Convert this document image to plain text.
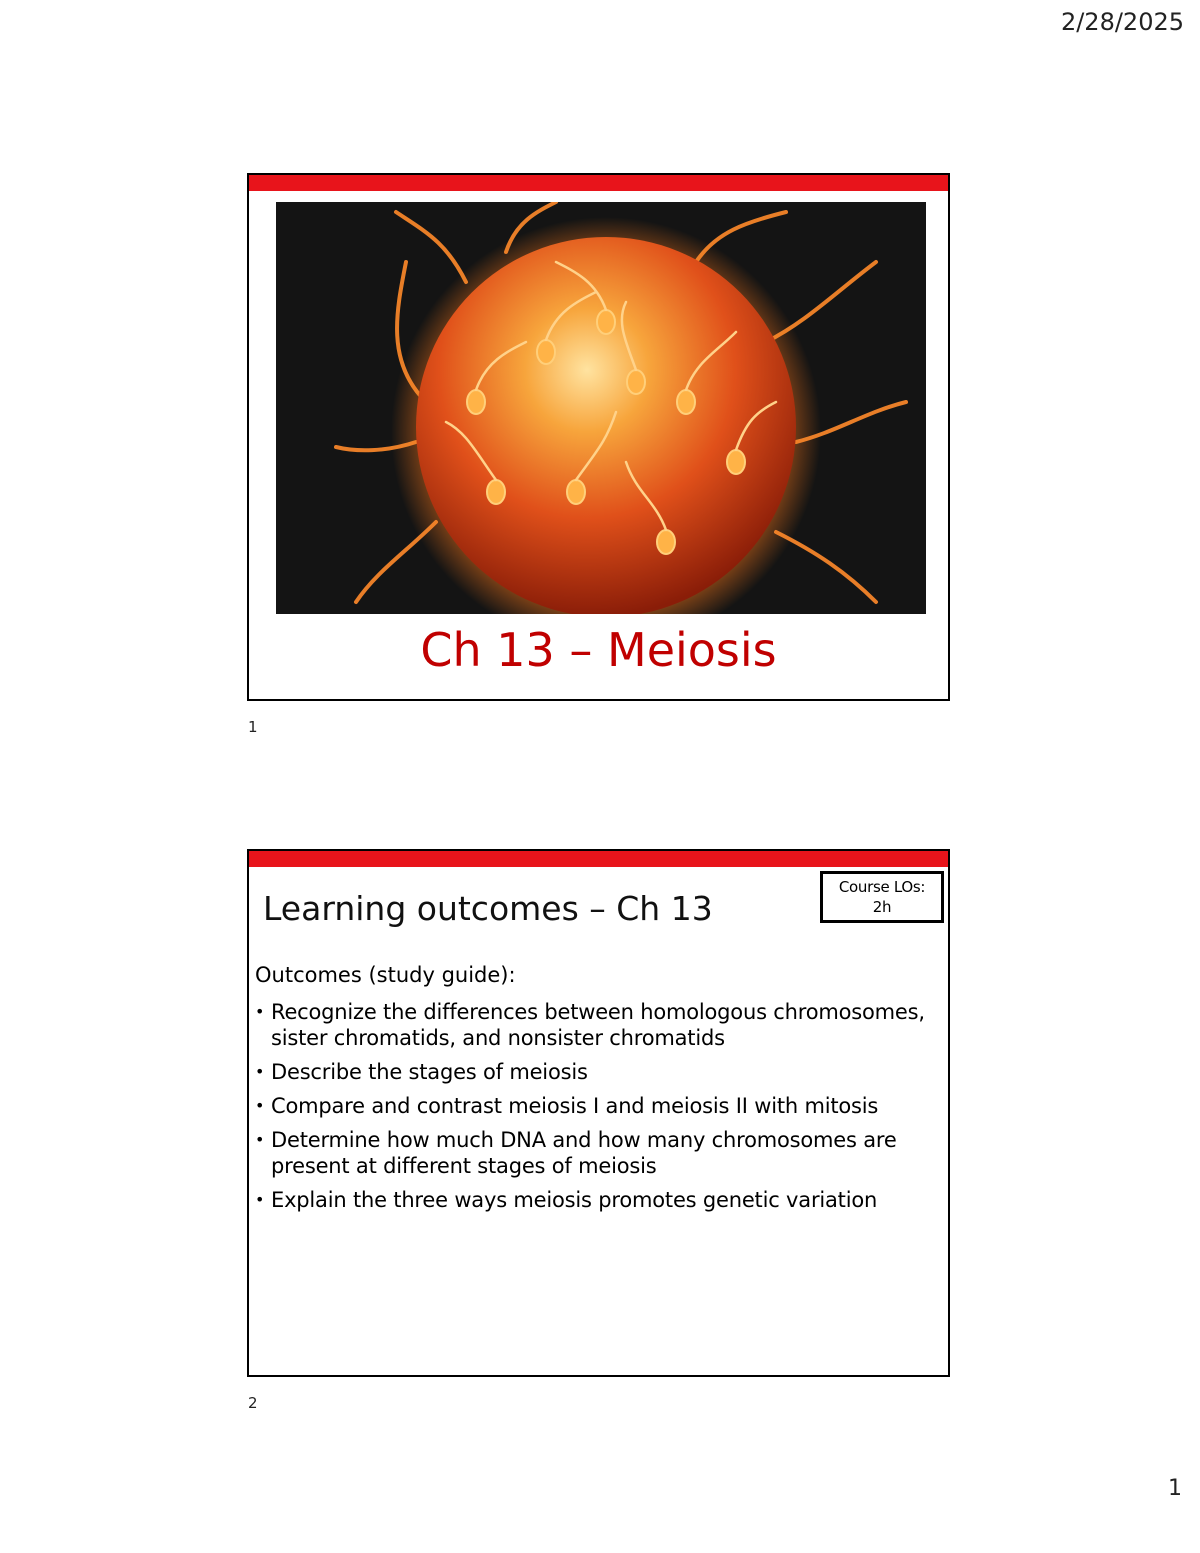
2/28/2025
Ch 13 – Meiosis
1
Learning outcomes – Ch 13
Course LOs:
2h
Outcomes (study guide):
• Recognize the differences between homologous chromosomes, sister chromatids, and nonsister chromatids
• Describe the stages of meiosis
• Compare and contrast meiosis I and meiosis II with mitosis
• Determine how much DNA and how many chromosomes are present at different stages of meiosis
• Explain the three ways meiosis promotes genetic variation
2
1
